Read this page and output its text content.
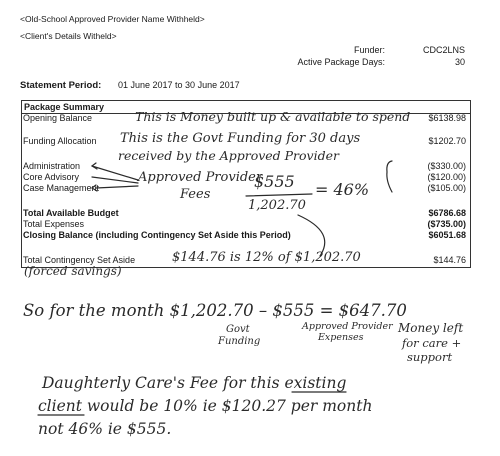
<Old-School Approved Provider Name Withheld>
<Client's Details Witheld>
Funder:	CDC2LNS
Active Package Days:	30
Statement Period: 01 June 2017 to 30 June 2017
Package Summary
Opening Balance	$6138.98
Funding Allocation	$1202.70
Administration	($330.00)
Core Advisory	($120.00)
Case Management	($105.00)
Total Available Budget	$6786.68
Total Expenses	($735.00)
Closing Balance (including Contingency Set Aside this Period)	$6051.68
Total Contingency Set Aside	$144.76
This is Money built up & available to spend
This is the Govt Funding for 30 days
received by the Approved Provider
Approved Provider
Fees
$555
1,202.70
= 46%
$144.76 is 12% of $1,202.70
(forced savings)
So for the month $1,202.70 – $555 = $647.70
Govt
Funding
Approved Provider
Expenses
Money left
for care +
support
Daughterly Care's Fee for this existing
client would be 10% ie $120.27 per month
not 46% ie $555.
